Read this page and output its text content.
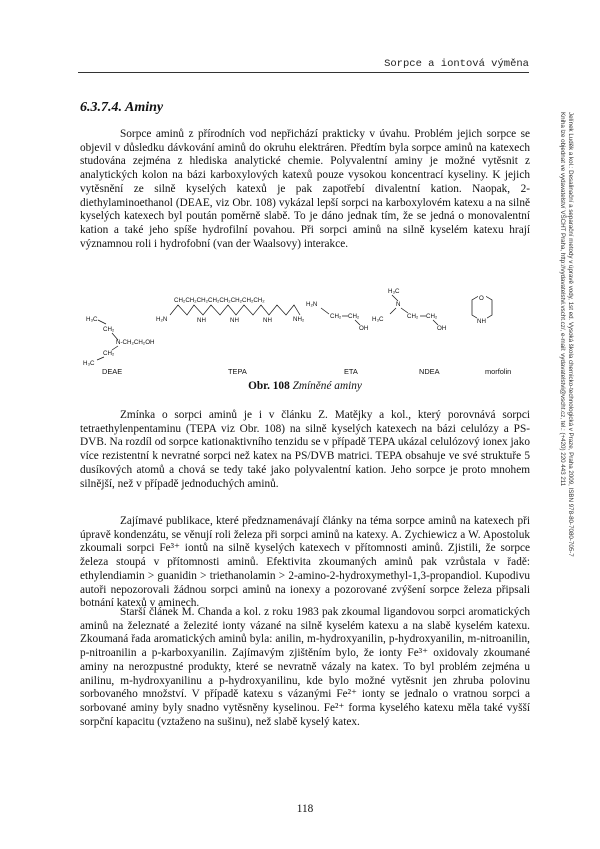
Sorpce a iontová výměna
Jelínek Luděk a kol.: Desalinační a separační metody v úpravě vody, 1st ed. Vysoká škola chemicko-technologická v Praze, Praha 2009, ISBN 978-80-7080-705-7
Kniha lze objednat ve vydavatelství VŠCHT Praha, http://vydavatelstvi.vscht.cz/, e-mail: vydavatelstvi@vscht.cz, tel.: (+420) 220 443 211
6.3.7.4. Aminy

Sorpce aminů z přírodních vod nepřichází prakticky v úvahu. Problém jejich sorpce se objevil v důsledku dávkování aminů do okruhu elektráren. Předtím byla sorpce aminů na katexech studována zejména z hlediska analytické chemie. Polyvalentní aminy je možné vytěsnit z analytických kolon na bázi karboxylových katexů pouze vysokou koncentrací kyseliny. K jejich vytěsnění ze silně kyselých katexů je pak zapotřebí divalentní kation. Naopak, 2-diethylaminoethanol (DEAE, viz Obr. 108) vykázal lepší sorpci na karboxylovém katexu a na silně kyselých katexech byl poután poměrně slabě. To je dáno jednak tím, že se jedná o monovalentní kation a také jeho spíše hydrofilní povahou. Při sorpci aminů na silně kyselém katexu hrají významnou roli i hydrofobní (van der Waalsovy) interakce.

H₃C
CH₂
N-CH₂CH₂OH
CH₂
H₃C
DEAE
CH₂CH₂CH₂CH₂CH₂CH₂CH₂CH₂
H₂N	NH	NH	NH	NH₂
TEPA
H₂N
CH₂ CH₂
OH
ETA
H₃C
N
H₃C	CH₂ CH₂
OH
NDEA
O
NH
morfolin
Obr. 108 Zmíněné aminy

Zmínka o sorpci aminů je i v článku Z. Matějky a kol., který porovnává sorpci tetraethylenpentaminu (TEPA viz Obr. 108) na silně kyselých katexech na bázi celulózy a PS-DVB. Na rozdíl od sorpce kationaktivního tenzidu se v případě TEPA ukázal celulózový ionex jako více rezistentní k nevratné sorpci než katex na PS/DVB matrici. TEPA obsahuje ve své struktuře 5 dusíkových atomů a chová se tedy také jako polyvalentní kation. Jeho sorpce je proto mnohem silnější, než v případě jednoduchých aminů.

Zajímavé publikace, které předznamenávají články na téma sorpce aminů na katexech při úpravě kondenzátu, se věnují roli železa při sorpci aminů na katexy. A. Zychiewicz a W. Apostoluk zkoumali sorpci Fe³⁺ iontů na silně kyselých katexech v přítomnosti aminů. Zjistili, že sorpce železa stoupá v přítomnosti aminů. Efektivita zkoumaných aminů pak vzrůstala v řadě: ethylendiamin > guanidin > triethanolamin > 2-amino-2-hydroxymethyl-1,3-propandiol. Kupodivu autoři nepozorovali žádnou sorpci aminů na ionexy a pozorované zvýšení sorpce železa připsali botnání katexů v aminech.

Starší článek M. Chanda a kol. z roku 1983 pak zkoumal ligandovou sorpci aromatických aminů na železnaté a železité ionty vázané na silně kyselém katexu a na slabě kyselém katexu. Zkoumaná řada aromatických aminů byla: anilin, m-hydroxyanilin, p-hydroxyanilin, m-nitroanilin, p-nitroanilin a p-karboxyanilin. Zajímavým zjištěním bylo, že ionty Fe³⁺ oxidovaly zkoumané aminy na nerozpustné produkty, které se nevratně vázaly na katex. To byl problém zejména u anilinu, m-hydroxyanilinu a p-hydroxyanilinu, kde bylo možné vytěsnit jen zhruba polovinu sorbovaného množství. V případě katexu s vázanými Fe²⁺ ionty se jednalo o vratnou sorpci a sorbované aminy byly snadno vytěsněny kyselinou. Fe²⁺ forma kyselého katexu měla také vyšší sorpční kapacitu (vztaženo na sušinu), než slabě kyselý katex.

118
